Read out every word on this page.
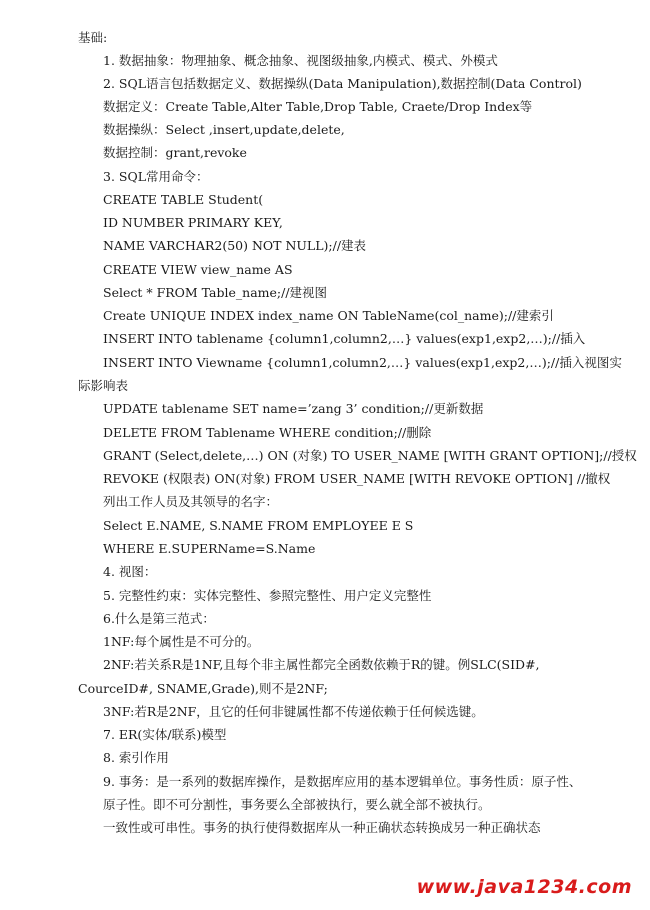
基础:
1. 数据抽象：物理抽象、概念抽象、视图级抽象,内模式、模式、外模式
2. SQL语言包括数据定义、数据操纵(Data Manipulation),数据控制(Data Control)
数据定义：Create Table,Alter Table,Drop Table, Craete/Drop Index等
数据操纵：Select ,insert,update,delete,
数据控制：grant,revoke
3. SQL常用命令：
CREATE TABLE Student(
ID NUMBER PRIMARY KEY,
NAME VARCHAR2(50) NOT NULL);//建表
CREATE VIEW view_name AS
Select * FROM Table_name;//建视图
Create UNIQUE INDEX index_name ON TableName(col_name);//建索引
INSERT INTO tablename {column1,column2,…} values(exp1,exp2,…);//插入
INSERT INTO Viewname {column1,column2,…} values(exp1,exp2,…);//插入视图实
际影响表
UPDATE tablename SET name=’zang 3’ condition;//更新数据
DELETE FROM Tablename WHERE condition;//删除
GRANT (Select,delete,…) ON (对象) TO USER_NAME [WITH GRANT OPTION];//授权
REVOKE (权限表) ON(对象) FROM USER_NAME [WITH REVOKE OPTION] //撤权
列出工作人员及其领导的名字：
Select E.NAME, S.NAME FROM EMPLOYEE E S
WHERE E.SUPERName=S.Name
4. 视图：
5. 完整性约束：实体完整性、参照完整性、用户定义完整性
6.什么是第三范式：
1NF:每个属性是不可分的。
2NF:若关系R是1NF,且每个非主属性都完全函数依赖于R的键。例SLC(SID#,
CourceID#, SNAME,Grade),则不是2NF;
3NF:若R是2NF，且它的任何非键属性都不传递依赖于任何候选键。
7. ER(实体/联系)模型
8. 索引作用
9. 事务：是一系列的数据库操作，是数据库应用的基本逻辑单位。事务性质：原子性、
原子性。即不可分割性，事务要么全部被执行，要么就全部不被执行。
一致性或可串性。事务的执行使得数据库从一种正确状态转换成另一种正确状态
www.java1234.com
